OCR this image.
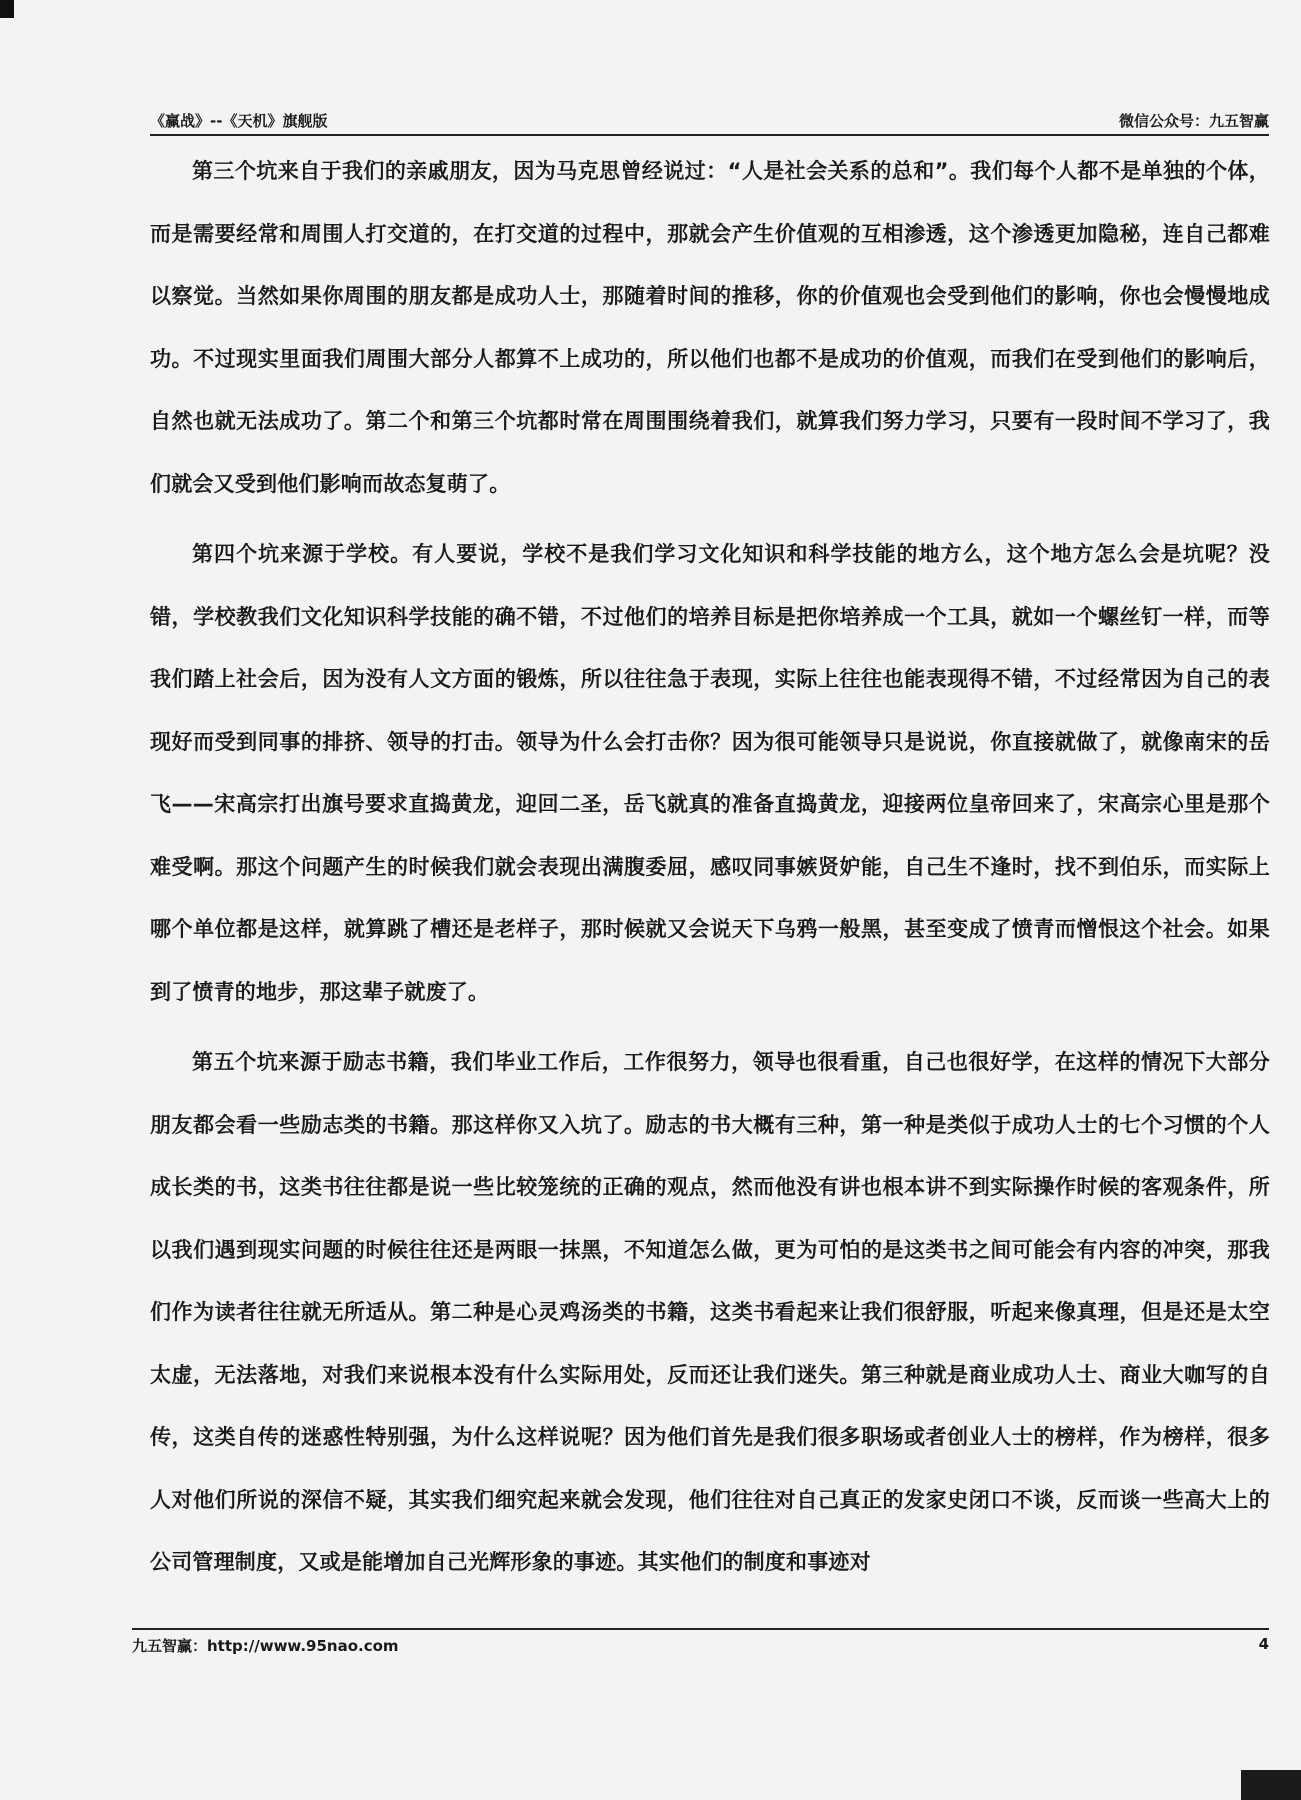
《赢战》--《天机》旗舰版	微信公众号：九五智赢

第三个坑来自于我们的亲戚朋友，因为马克思曾经说过：“人是社会关系的总和”。我们每个人都不是单独的个体，而是需要经常和周围人打交道的，在打交道的过程中，那就会产生价值观的互相渗透，这个渗透更加隐秘，连自己都难以察觉。当然如果你周围的朋友都是成功人士，那随着时间的推移，你的价值观也会受到他们的影响，你也会慢慢地成功。不过现实里面我们周围大部分人都算不上成功的，所以他们也都不是成功的价值观，而我们在受到他们的影响后，自然也就无法成功了。第二个和第三个坑都时常在周围围绕着我们，就算我们努力学习，只要有一段时间不学习了，我们就会又受到他们影响而故态复萌了。

第四个坑来源于学校。有人要说，学校不是我们学习文化知识和科学技能的地方么，这个地方怎么会是坑呢？没错，学校教我们文化知识科学技能的确不错，不过他们的培养目标是把你培养成一个工具，就如一个螺丝钉一样，而等我们踏上社会后，因为没有人文方面的锻炼，所以往往急于表现，实际上往往也能表现得不错，不过经常因为自己的表现好而受到同事的排挤、领导的打击。领导为什么会打击你？因为很可能领导只是说说，你直接就做了，就像南宋的岳飞——宋高宗打出旗号要求直捣黄龙，迎回二圣，岳飞就真的准备直捣黄龙，迎接两位皇帝回来了，宋高宗心里是那个难受啊。那这个问题产生的时候我们就会表现出满腹委屈，感叹同事嫉贤妒能，自己生不逢时，找不到伯乐，而实际上哪个单位都是这样，就算跳了槽还是老样子，那时候就又会说天下乌鸦一般黑，甚至变成了愤青而憎恨这个社会。如果到了愤青的地步，那这辈子就废了。

第五个坑来源于励志书籍，我们毕业工作后，工作很努力，领导也很看重，自己也很好学，在这样的情况下大部分朋友都会看一些励志类的书籍。那这样你又入坑了。励志的书大概有三种，第一种是类似于成功人士的七个习惯的个人成长类的书，这类书往往都是说一些比较笼统的正确的观点，然而他没有讲也根本讲不到实际操作时候的客观条件，所以我们遇到现实问题的时候往往还是两眼一抹黑，不知道怎么做，更为可怕的是这类书之间可能会有内容的冲突，那我们作为读者往往就无所适从。第二种是心灵鸡汤类的书籍，这类书看起来让我们很舒服，听起来像真理，但是还是太空太虚，无法落地，对我们来说根本没有什么实际用处，反而还让我们迷失。第三种就是商业成功人士、商业大咖写的自传，这类自传的迷惑性特别强，为什么这样说呢？因为他们首先是我们很多职场或者创业人士的榜样，作为榜样，很多人对他们所说的深信不疑，其实我们细究起来就会发现，他们往往对自己真正的发家史闭口不谈，反而谈一些高大上的公司管理制度，又或是能增加自己光辉形象的事迹。其实他们的制度和事迹对

九五智赢：http://www.95nao.com	4
